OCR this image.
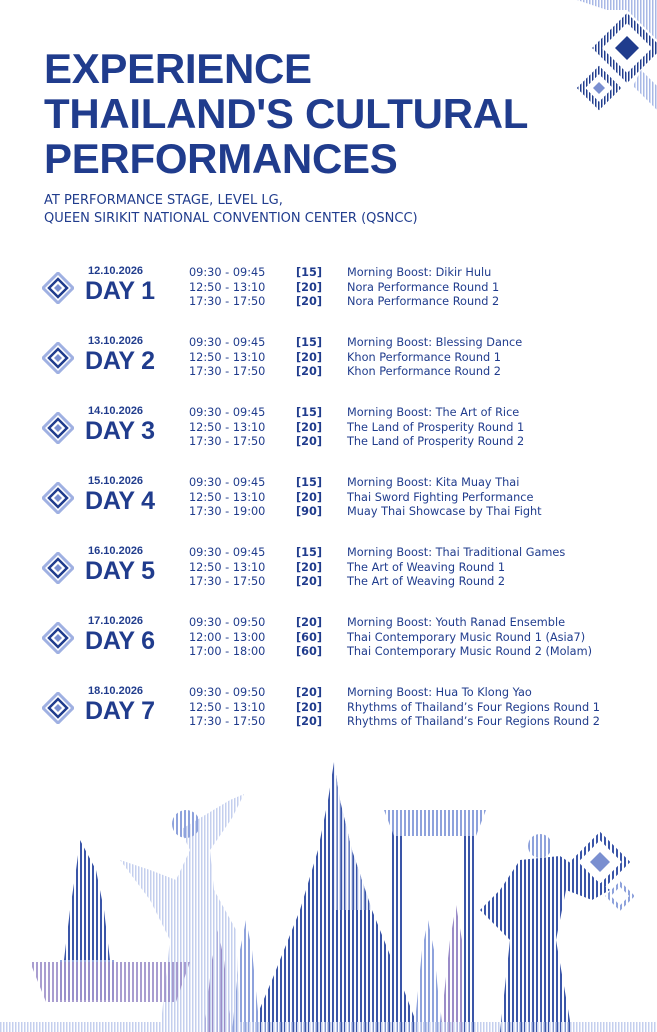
EXPERIENCE
THAILAND'S CULTURAL
PERFORMANCES
AT PERFORMANCE STAGE, LEVEL LG,
QUEEN SIRIKIT NATIONAL CONVENTION CENTER (QSNCC)
12.10.2026
DAY 1
09:30 - 09:45	[15] Morning Boost: Dikir Hulu
12:50 - 13:10	[20] Nora Performance Round 1
17:30 - 17:50	[20] Nora Performance Round 2
13.10.2026
DAY 2
09:30 - 09:45	[15] Morning Boost: Blessing Dance
12:50 - 13:10	[20] Khon Performance Round 1
17:30 - 17:50	[20] Khon Performance Round 2
14.10.2026
DAY 3
09:30 - 09:45	[15] Morning Boost: The Art of Rice
12:50 - 13:10	[20] The Land of Prosperity Round 1
17:30 - 17:50	[20] The Land of Prosperity Round 2
15.10.2026
DAY 4
09:30 - 09:45	[15] Morning Boost: Kita Muay Thai
12:50 - 13:10	[20] Thai Sword Fighting Performance
17:30 - 19:00	[90] Muay Thai Showcase by Thai Fight
16.10.2026
DAY 5
09:30 - 09:45	[15] Morning Boost: Thai Traditional Games
12:50 - 13:10	[20] The Art of Weaving Round 1
17:30 - 17:50	[20] The Art of Weaving Round 2
17.10.2026
DAY 6
09:30 - 09:50	[20] Morning Boost: Youth Ranad Ensemble
12:00 - 13:00	[60] Thai Contemporary Music Round 1 (Asia7)
17:00 - 18:00	[60] Thai Contemporary Music Round 2 (Molam)
18.10.2026
DAY 7
09:30 - 09:50	[20] Morning Boost: Hua To Klong Yao
12:50 - 13:10	[20] Rhythms of Thailand’s Four Regions Round 1
17:30 - 17:50	[20] Rhythms of Thailand’s Four Regions Round 2
